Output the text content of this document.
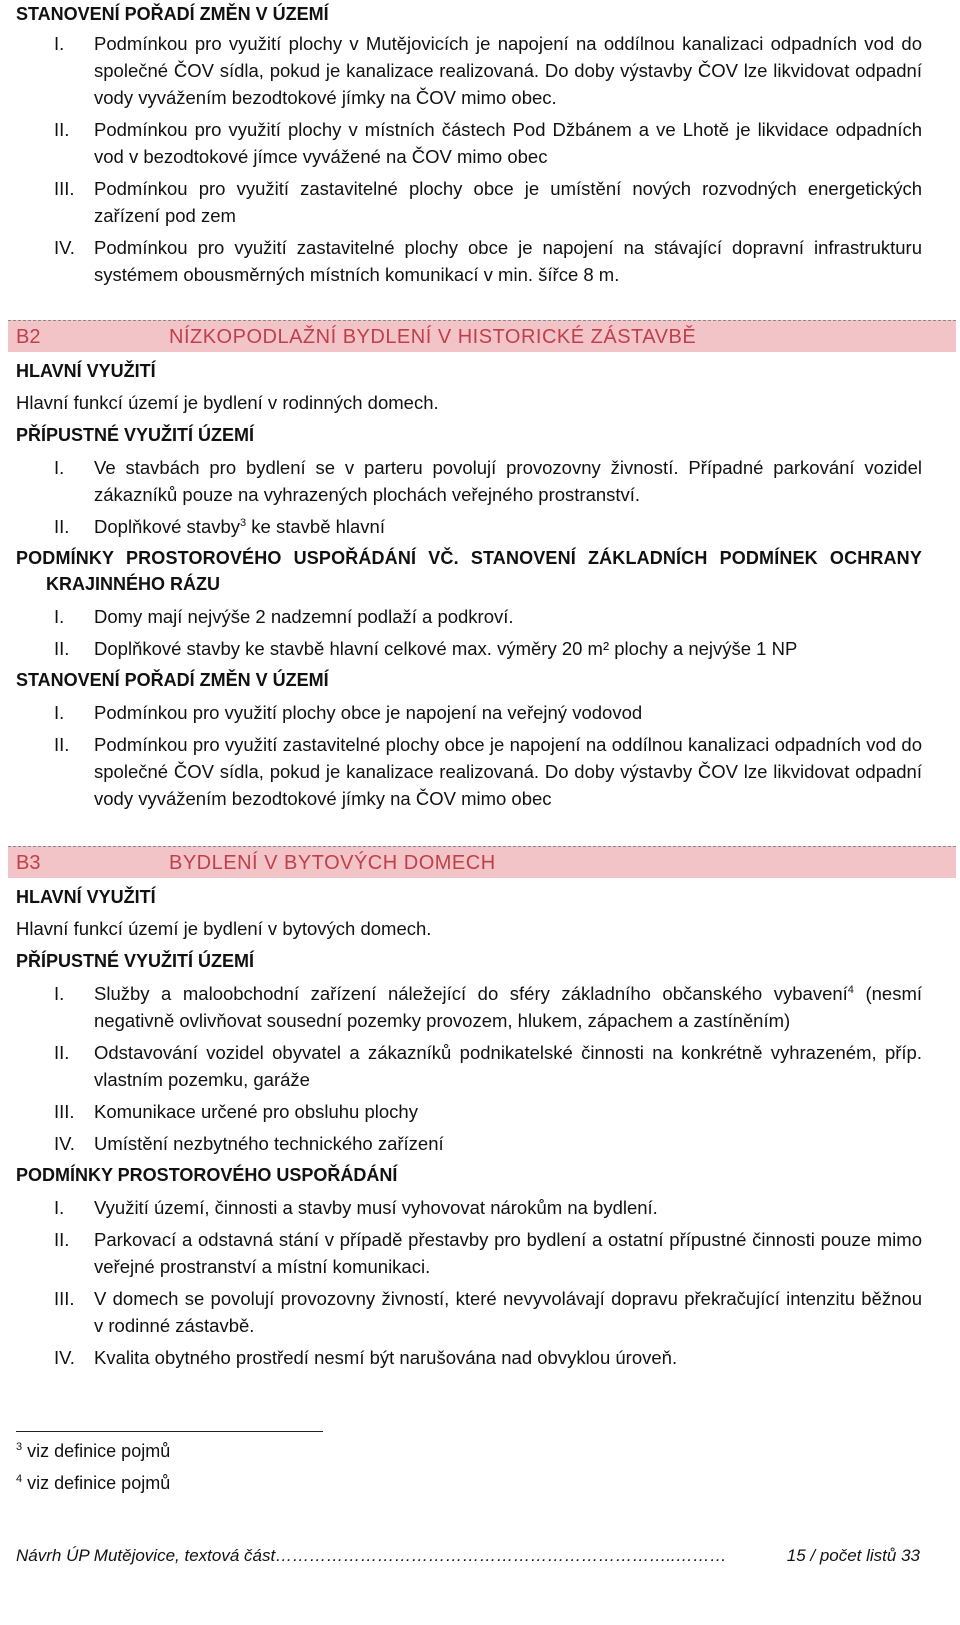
STANOVENÍ POŘADÍ ZMĚN V ÚZEMÍ

I. Podmínkou pro využití plochy v Mutějovicích je napojení na oddílnou kanalizaci odpadních vod do společné ČOV sídla, pokud je kanalizace realizovaná. Do doby výstavby ČOV lze likvidovat odpadní vody vyvážením bezodtokové jímky na ČOV mimo obec.
II. Podmínkou pro využití plochy v místních částech Pod Džbánem a ve Lhotě je likvidace odpadních vod v bezodtokové jímce vyvážené na ČOV mimo obec
III. Podmínkou pro využití zastavitelné plochy obce je umístění nových rozvodných energetických zařízení pod zem
IV. Podmínkou pro využití zastavitelné plochy obce je napojení na stávající dopravní infrastrukturu systémem obousměrných místních komunikací v min. šířce 8 m.
B2	NÍZKOPODLAŽNÍ BYDLENÍ V HISTORICKÉ ZÁSTAVBĚ

HLAVNÍ VYUŽITÍ

Hlavní funkcí území je bydlení v rodinných domech.

PŘÍPUSTNÉ VYUŽITÍ ÚZEMÍ

I. Ve stavbách pro bydlení se v parteru povolují provozovny živností. Případné parkování vozidel zákazníků pouze na vyhrazených plochách veřejného prostranství.
II. Doplňkové stavby$^3$ ke stavbě hlavní

PODMÍNKY PROSTOROVÉHO USPOŘÁDÁNÍ VČ. STANOVENÍ ZÁKLADNÍCH PODMÍNEK OCHRANY

KRAJINNÉHO RÁZU

I. Domy mají nejvýše 2 nadzemní podlaží a podkroví.
II. Doplňkové stavby ke stavbě hlavní celkové max. výměry 20 m² plochy a nejvýše 1 NP

STANOVENÍ POŘADÍ ZMĚN V ÚZEMÍ

I. Podmínkou pro využití plochy obce je napojení na veřejný vodovod
II. Podmínkou pro využití zastavitelné plochy obce je napojení na oddílnou kanalizaci odpadních vod do společné ČOV sídla, pokud je kanalizace realizovaná. Do doby výstavby ČOV lze likvidovat odpadní vody vyvážením bezodtokové jímky na ČOV mimo obec
B3	BYDLENÍ V BYTOVÝCH DOMECH

HLAVNÍ VYUŽITÍ

Hlavní funkcí území je bydlení v bytových domech.

PŘÍPUSTNÉ VYUŽITÍ ÚZEMÍ

I. Služby a maloobchodní zařízení náležející do sféry základního občanského vybavení$^4$ (nesmí negativně ovlivňovat sousední pozemky provozem, hlukem, zápachem a zastíněním)
II. Odstavování vozidel obyvatel a zákazníků podnikatelské činnosti na konkrétně vyhrazeném, příp. vlastním pozemku, garáže
III. Komunikace určené pro obsluhu plochy
IV. Umístění nezbytného technického zařízení

PODMÍNKY PROSTOROVÉHO USPOŘÁDÁNÍ

I. Využití území, činnosti a stavby musí vyhovovat nárokům na bydlení.
II. Parkovací a odstavná stání v případě přestavby pro bydlení a ostatní přípustné činnosti pouze mimo veřejné prostranství a místní komunikaci.
III. V domech se povolují provozovny živností, které nevyvolávají dopravu překračující intenzitu běžnou v rodinné zástavbě.
IV. Kvalita obytného prostředí nesmí být narušována nad obvyklou úroveň.
$^3$ viz definice pojmů
$^4$ viz definice pojmů
Návrh ÚP Mutějovice, textová část……………………………………………………………..………	15 / počet listů 33
